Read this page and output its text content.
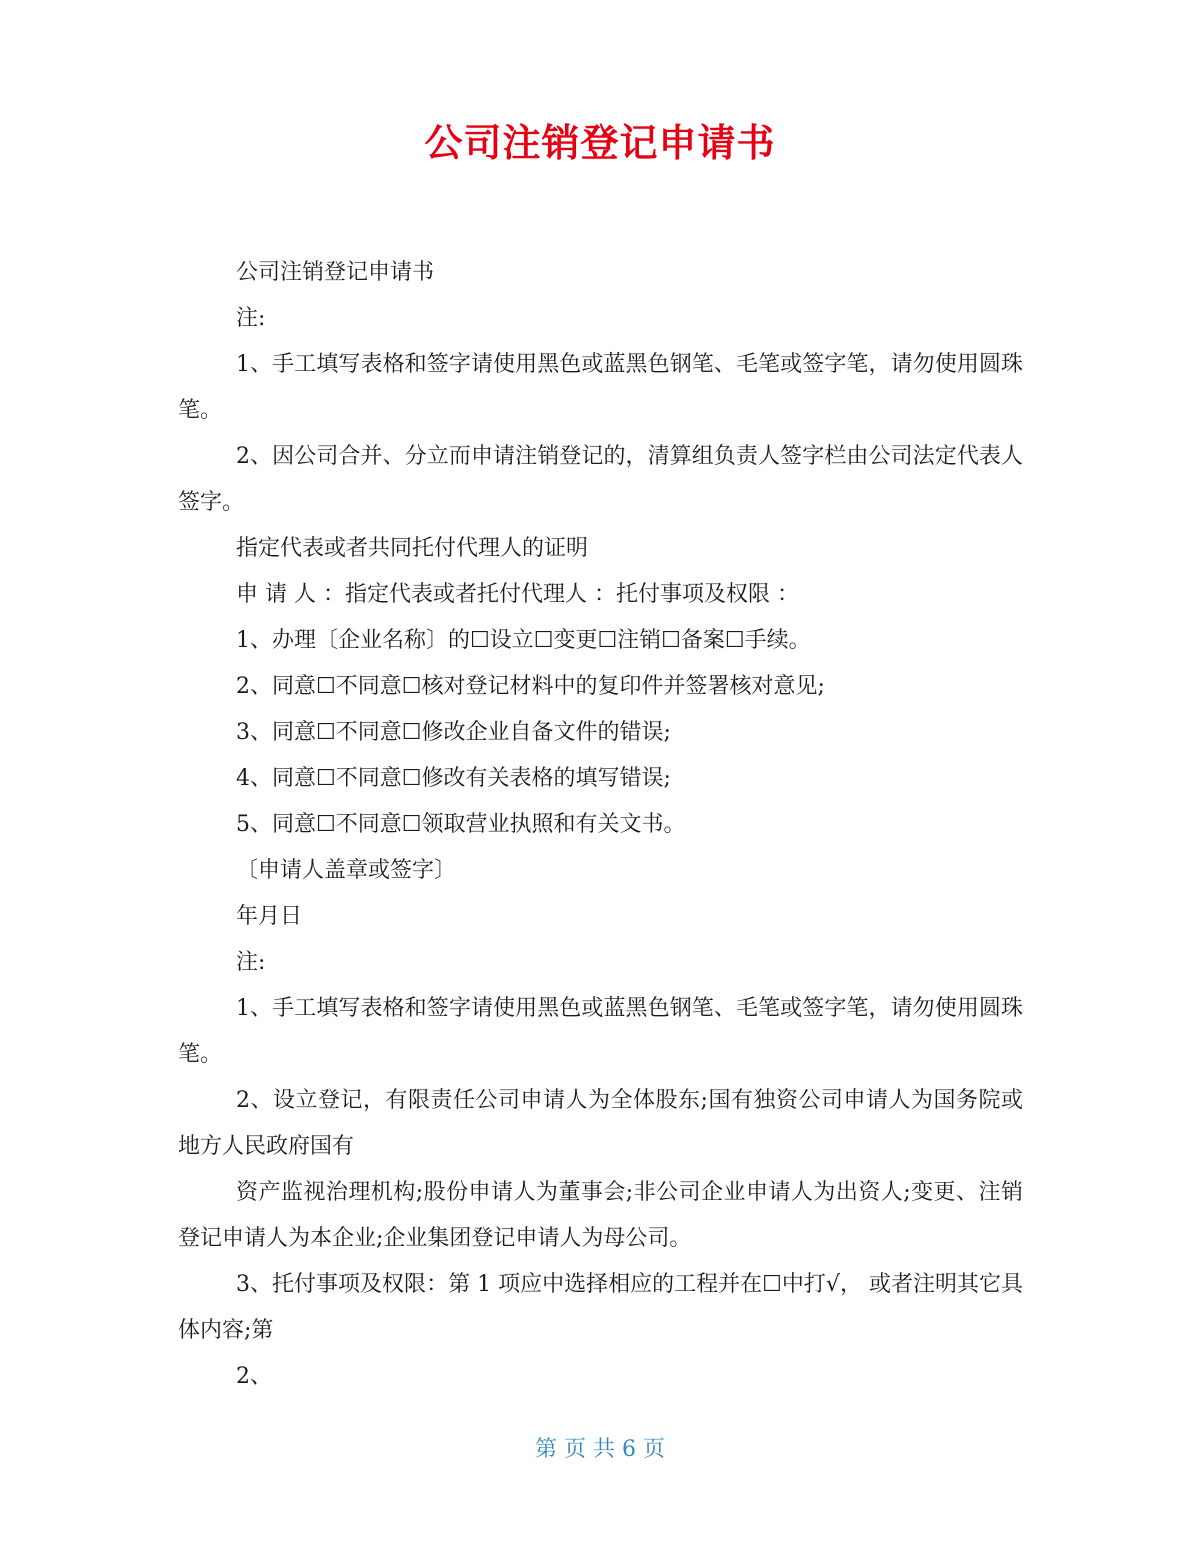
公司注销登记申请书

公司注销登记申请书

注:

1、手工填写表格和签字请使用黑色或蓝黑色钢笔、毛笔或签字笔，请勿使用圆珠笔。

2、因公司合并、分立而申请注销登记的，清算组负责人签字栏由公司法定代表人签字。

指定代表或者共同托付代理人的证明

申 请 人 ：指定代表或者托付代理人 ：托付事项及权限 ：

1、办理〔企业名称〕的☐设立☐变更☐注销☐备案☐手续。

2、同意☐不同意☐核对登记材料中的复印件并签署核对意见;

3、同意☐不同意☐修改企业自备文件的错误;

4、同意☐不同意☐修改有关表格的填写错误;

5、同意☐不同意☐领取营业执照和有关文书。

〔申请人盖章或签字〕

年月日

注:

1、手工填写表格和签字请使用黑色或蓝黑色钢笔、毛笔或签字笔，请勿使用圆珠笔。

2、设立登记，有限责任公司申请人为全体股东;国有独资公司申请人为国务院或地方人民政府国有

资产监视治理机构;股份申请人为董事会;非公司企业申请人为出资人;变更、注销登记申请人为本企业;企业集团登记申请人为母公司。

3、托付事项及权限：第 1 项应中选择相应的工程并在☐中打√， 或者注明其它具体内容;第

2、

第 页 共 6 页
